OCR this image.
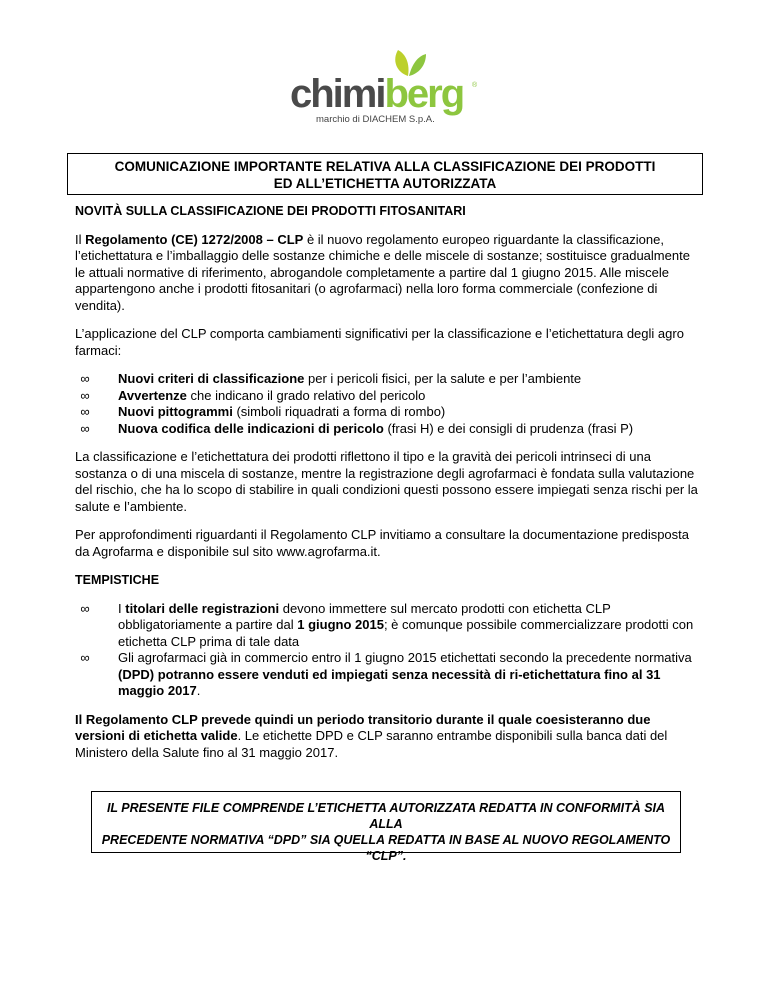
chimiberg ®
marchio di DIACHEM S.p.A.
COMUNICAZIONE IMPORTANTE RELATIVA ALLA CLASSIFICAZIONE DEI PRODOTTI
ED ALL’ETICHETTA AUTORIZZATA

NOVITÀ SULLA CLASSIFICAZIONE DEI PRODOTTI FITOSANITARI

Il Regolamento (CE) 1272/2008 – CLP è il nuovo regolamento europeo riguardante la classificazione, l’etichettatura e l’imballaggio delle sostanze chimiche e delle miscele di sostanze; sostituisce gradualmente le attuali normative di riferimento, abrogandole completamente a partire dal 1 giugno 2015. Alle miscele appartengono anche i prodotti fitosanitari (o agrofarmaci) nella loro forma commerciale (confezione di vendita).

L’applicazione del CLP comporta cambiamenti significativi per la classificazione e l’etichettatura degli agro farmaci:

∞	Nuovi criteri di classificazione per i pericoli fisici, per la salute e per l’ambiente
∞	Avvertenze che indicano il grado relativo del pericolo
∞	Nuovi pittogrammi (simboli riquadrati a forma di rombo)
∞	Nuova codifica delle indicazioni di pericolo (frasi H) e dei consigli di prudenza (frasi P)

La classificazione e l’etichettatura dei prodotti riflettono il tipo e la gravità dei pericoli intrinseci di una sostanza o di una miscela di sostanze, mentre la registrazione degli agrofarmaci è fondata sulla valutazione del rischio, che ha lo scopo di stabilire in quali condizioni questi possono essere impiegati senza rischi per la salute e l’ambiente.

Per approfondimenti riguardanti il Regolamento CLP invitiamo a consultare la documentazione predisposta da Agrofarma e disponibile sul sito www.agrofarma.it.

TEMPISTICHE

∞	I titolari delle registrazioni devono immettere sul mercato prodotti con etichetta CLP obbligatoriamente a partire dal 1 giugno 2015; è comunque possibile commercializzare prodotti con etichetta CLP prima di tale data
∞	Gli agrofarmaci già in commercio entro il 1 giugno 2015 etichettati secondo la precedente normativa (DPD) potranno essere venduti ed impiegati senza necessità di ri-etichettatura fino al 31 maggio 2017.

Il Regolamento CLP prevede quindi un periodo transitorio durante il quale coesisteranno due versioni di etichetta valide. Le etichette DPD e CLP saranno entrambe disponibili sulla banca dati del Ministero della Salute fino al 31 maggio 2017.

IL PRESENTE FILE COMPRENDE L’ETICHETTA AUTORIZZATA REDATTA IN CONFORMITÀ SIA ALLA
PRECEDENTE NORMATIVA “DPD” SIA QUELLA REDATTA IN BASE AL NUOVO REGOLAMENTO “CLP”.
